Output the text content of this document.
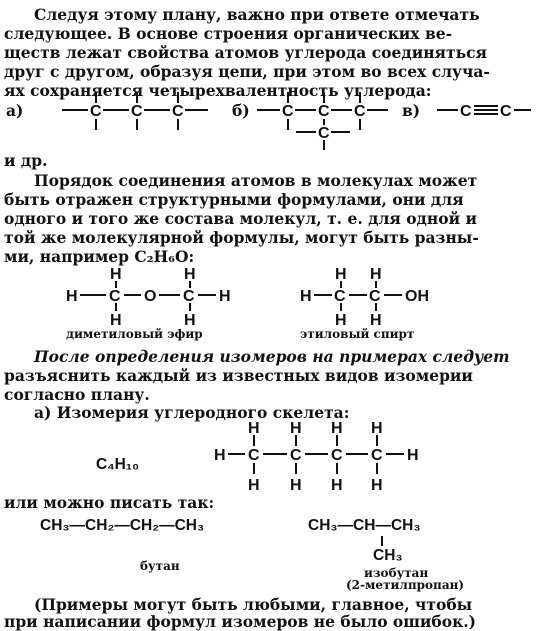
Следуя этому плану, важно при ответе отмечать
следующее. В основе строения органических ве-
ществ лежат свойства атомов углерода соединяться
друг с другом, образуя цепи, при этом во всех случа-
ях сохраняется четырехвалентность углерода:
а)	б)	в)
и др.
Порядок соединения атомов в молекулах может
быть отражен структурными формулами, они для
одного и того же состава молекул, т. е. для одной и
той же молекулярной формулы, могут быть разны-
ми, например C₂H₆O:
диметиловый эфир	этиловый спирт
После определения изомеров на примерах следует
разъяснить каждый из известных видов изомерии
согласно плану.
а) Изомерия углеродного скелета:
C₄H₁₀
или можно писать так:
CH₃—CH₂—CH₂—CH₃	CH₃—CH—CH₃
CH₃
бутан	изобутан
(2-метилпропан)
(Примеры могут быть любыми, главное, чтобы
при написании формул изомеров не было ошибок.)
C C C	C C C
C
C C
H	H
H C O C H
H	H
H H
H C C OH
H H
H H H H
H C C C C H
H H H H
